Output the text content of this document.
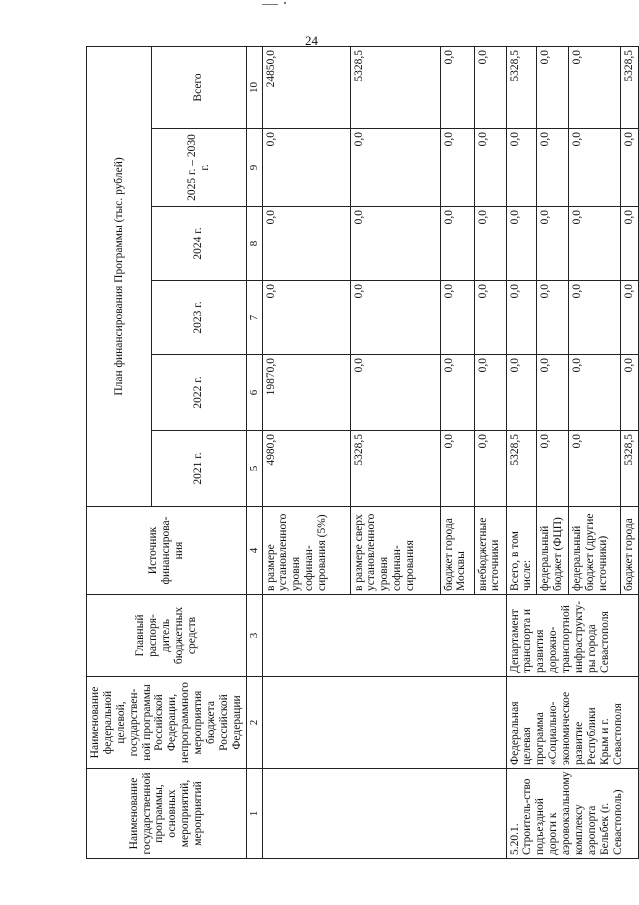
24
Наименование государственной программы, основных мероприятий, мероприятий	Наименование федеральной целевой, государствен-ной программы Российской Федерации, непрограммного мероприятия бюджета Российской Федерации	Главный распоря-дитель бюджетных средств	Источник финансирова-ния	План финансирования Программы (тыс. рублей)					
				2021 г.	2022 г.	2023 г.	2024 г.	2025 г. – 2030 г.	Всего
1	2	3	4	5	6	7	8	9	10
			в размере установленного уровня софинан-сирования (5%)	4980,0	19870,0	0,0	0,0	0,0	24850,0
			в размере сверх установленного уровня софинан-сирования	5328,5	0,0	0,0	0,0	0,0	5328,5
			бюджет города Москвы	0,0	0,0	0,0	0,0	0,0	0,0
			внебюджетные источники	0,0	0,0	0,0	0,0	0,0	0,0
5.20.1. Строитель-ство подъездной дороги к аэровокзальному комплексу аэропорта Бельбек (г. Севастополь)	Федеральная целевая программа «Социально-экономическое развитие Республики Крым и г. Севастополя	Департамент транспорта и развития дорожно-транспортной инфраструкту-ры города Севастополя	Всего, в том числе:	5328,5	0,0	0,0	0,0	0,0	5328,5
			федеральный бюджет (ФЦП)	0,0	0,0	0,0	0,0	0,0	0,0
			федеральный бюджет (другие источники)	0,0	0,0	0,0	0,0	0,0	0,0
			бюджет города	5328,5	0,0	0,0	0,0	0,0	5328,5
